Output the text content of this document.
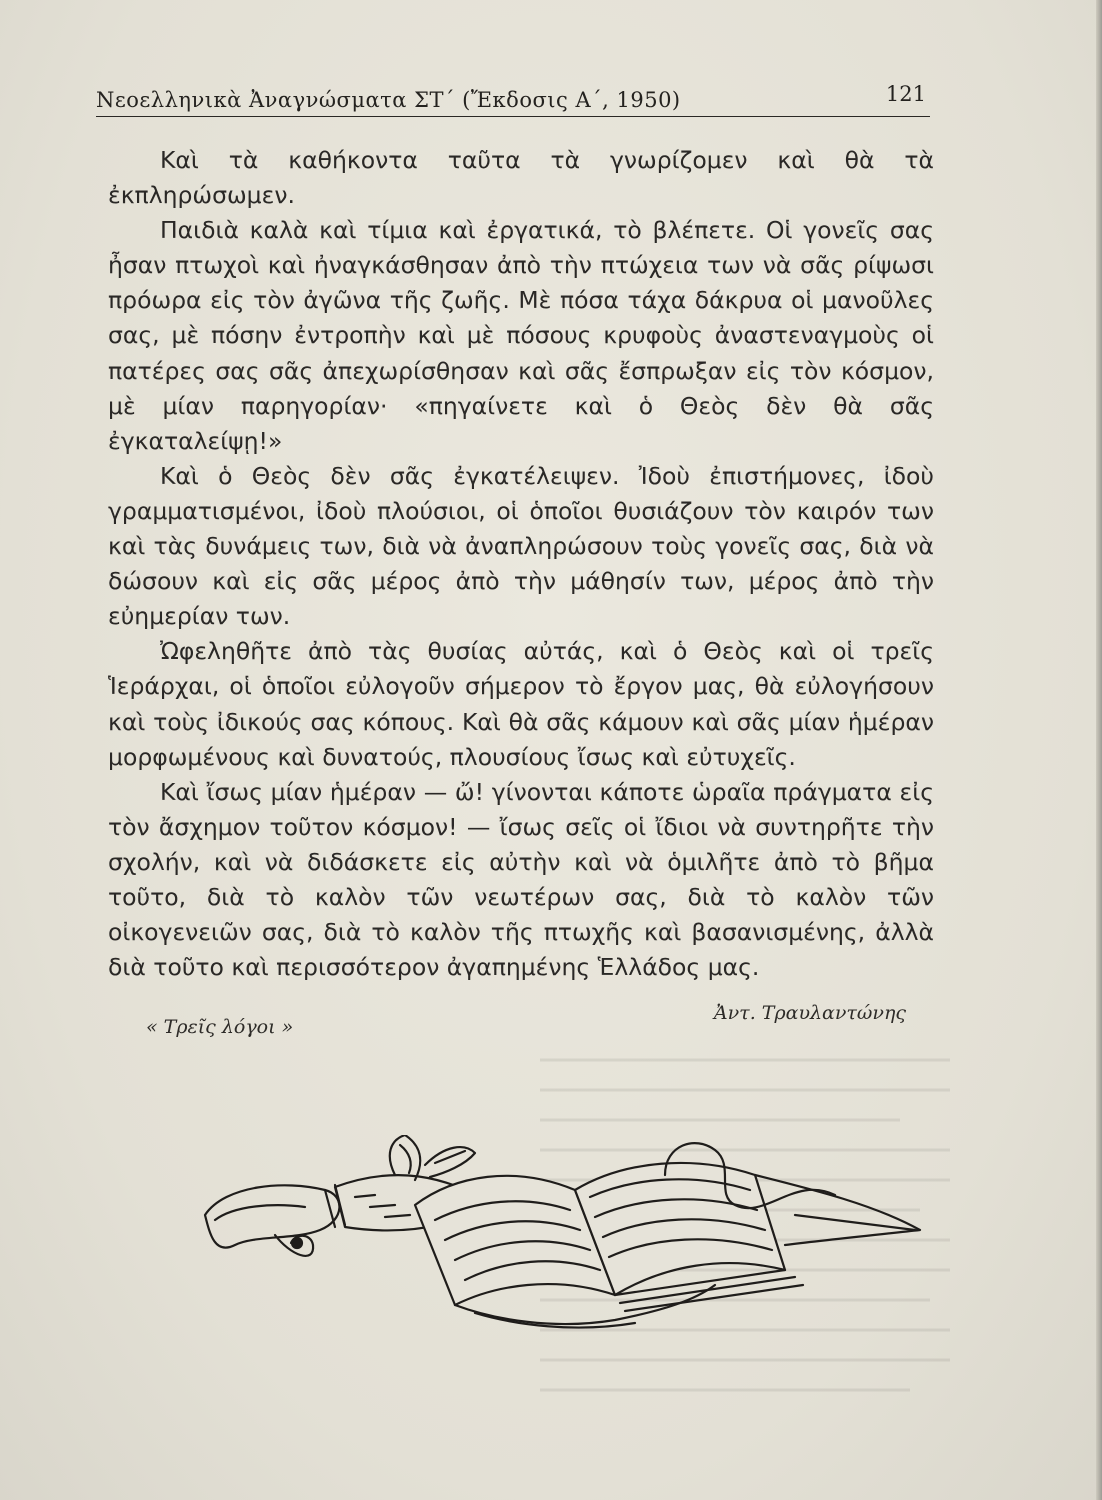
Νεοελληνικὰ Ἀναγνώσματα ΣΤ΄ (Ἔκδοσις Α΄, 1950)	121

Καὶ τὰ καθήκοντα ταῦτα τὰ γνωρίζομεν καὶ θὰ τὰ ἐκπληρώσωμεν.

Παιδιὰ καλὰ καὶ τίμια καὶ ἐργατικά, τὸ βλέπετε. Οἱ γονεῖς σας ἦσαν πτωχοὶ καὶ ἠναγκάσθησαν ἀπὸ τὴν πτώχεια των νὰ σᾶς ρίψωσι πρόωρα εἰς τὸν ἀγῶνα τῆς ζωῆς. Μὲ πόσα τάχα δάκρυα οἱ μανοῦλες σας, μὲ πόσην ἐντροπὴν καὶ μὲ πόσους κρυφοὺς ἀναστεναγμοὺς οἱ πατέρες σας σᾶς ἀπεχωρίσθησαν καὶ σᾶς ἔσπρωξαν εἰς τὸν κόσμον, μὲ μίαν παρηγορίαν· «πηγαίνετε καὶ ὁ Θεὸς δὲν θὰ σᾶς ἐγκαταλείψῃ!»

Καὶ ὁ Θεὸς δὲν σᾶς ἐγκατέλειψεν. Ἰδοὺ ἐπιστήμονες, ἰδοὺ γραμματισμένοι, ἰδοὺ πλούσιοι, οἱ ὁποῖοι θυσιάζουν τὸν καιρόν των καὶ τὰς δυνάμεις των, διὰ νὰ ἀναπληρώσουν τοὺς γονεῖς σας, διὰ νὰ δώσουν καὶ εἰς σᾶς μέρος ἀπὸ τὴν μάθησίν των, μέρος ἀπὸ τὴν εὐημερίαν των.

Ὠφεληθῆτε ἀπὸ τὰς θυσίας αὐτάς, καὶ ὁ Θεὸς καὶ οἱ τρεῖς Ἱεράρχαι, οἱ ὁποῖοι εὐλογοῦν σήμερον τὸ ἔργον μας, θὰ εὐλογήσουν καὶ τοὺς ἰδικούς σας κόπους. Καὶ θὰ σᾶς κάμουν καὶ σᾶς μίαν ἡμέραν μορφωμένους καὶ δυνατούς, πλουσίους ἴσως καὶ εὐτυχεῖς.

Καὶ ἴσως μίαν ἡμέραν — ὤ! γίνονται κάποτε ὡραῖα πράγματα εἰς τὸν ἄσχημον τοῦτον κόσμον! — ἴσως σεῖς οἱ ἴδιοι νὰ συντηρῆτε τὴν σχολήν, καὶ νὰ διδάσκετε εἰς αὐτὴν καὶ νὰ ὁμιλῆτε ἀπὸ τὸ βῆμα τοῦτο, διὰ τὸ καλὸν τῶν νεωτέρων σας, διὰ τὸ καλὸν τῶν οἰκογενειῶν σας, διὰ τὸ καλὸν τῆς πτωχῆς καὶ βασανισμένης, ἀλλὰ διὰ τοῦτο καὶ περισσότερον ἀγαπημένης Ἑλλάδος μας.

« Τρεῖς λόγοι »
Ἀντ. Τραυλαντώνης
